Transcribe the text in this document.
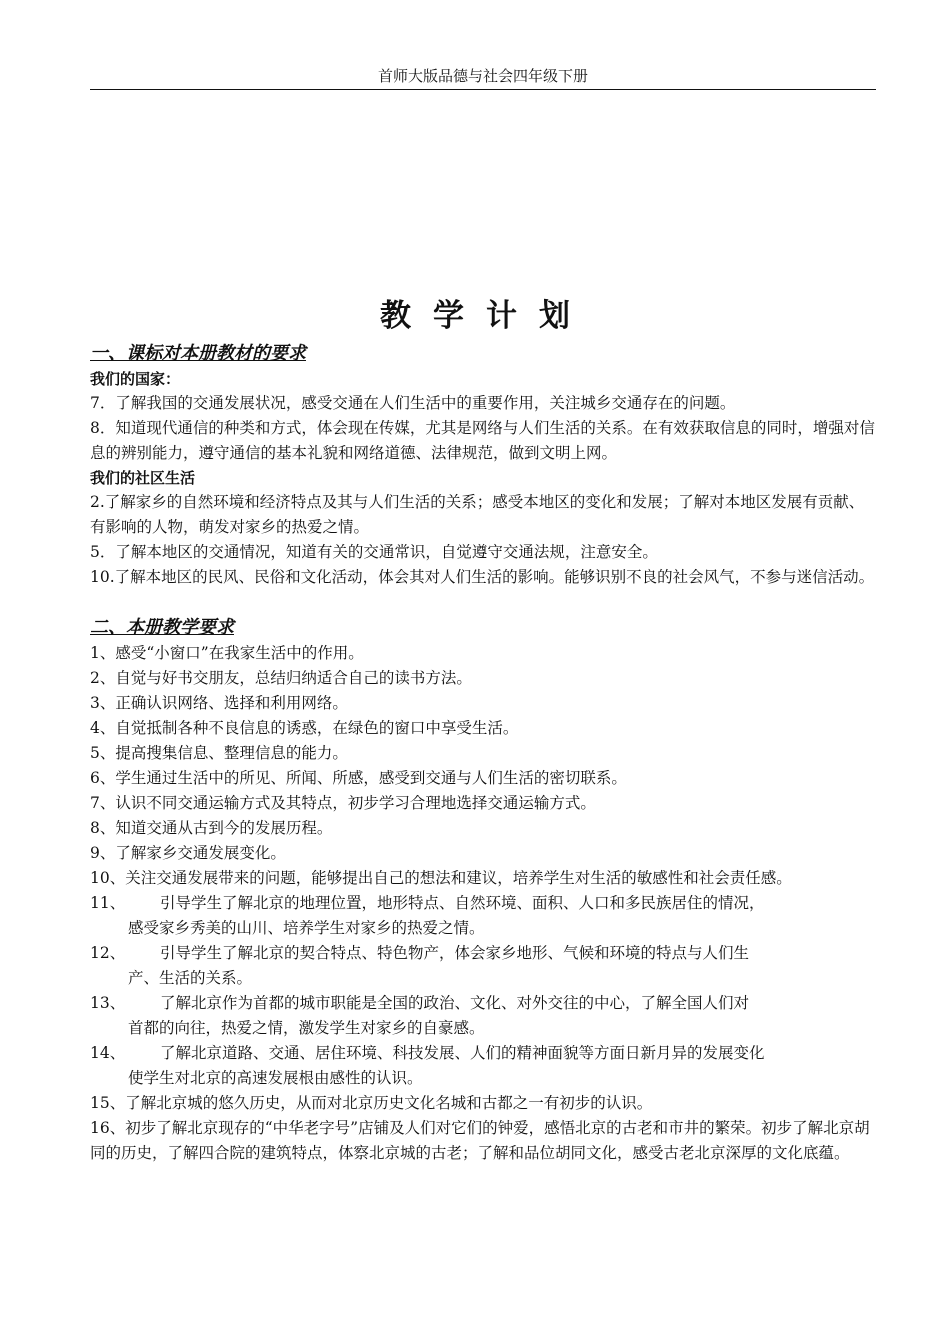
首师大版品德与社会四年级下册
教学计划
一、课标对本册教材的要求
我们的国家：

7．了解我国的交通发展状况，感受交通在人们生活中的重要作用，关注城乡交通存在的问题。

8．知道现代通信的种类和方式，体会现在传媒，尤其是网络与人们生活的关系。在有效获取信息的同时，增强对信息的辨别能力，遵守通信的基本礼貌和网络道德、法律规范，做到文明上网。

我们的社区生活

2.了解家乡的自然环境和经济特点及其与人们生活的关系；感受本地区的变化和发展；了解对本地区发展有贡献、有影响的人物，萌发对家乡的热爱之情。

5．了解本地区的交通情况，知道有关的交通常识，自觉遵守交通法规，注意安全。

10.了解本地区的民风、民俗和文化活动，体会其对人们生活的影响。能够识别不良的社会风气，不参与迷信活动。

二、本册教学要求

1、感受“小窗口”在我家生活中的作用。

2、自觉与好书交朋友，总结归纳适合自己的读书方法。

3、正确认识网络、选择和利用网络。

4、自觉抵制各种不良信息的诱惑，在绿色的窗口中享受生活。

5、提高搜集信息、整理信息的能力。

6、学生通过生活中的所见、所闻、所感，感受到交通与人们生活的密切联系。

7、认识不同交通运输方式及其特点，初步学习合理地选择交通运输方式。

8、知道交通从古到今的发展历程。

9、了解家乡交通发展变化。

10、关注交通发展带来的问题，能够提出自己的想法和建议，培养学生对生活的敏感性和社会责任感。

11、	引导学生了解北京的地理位置，地形特点、自然环境、面积、人口和多民族居住的情况，
感受家乡秀美的山川、培养学生对家乡的热爱之情。
12、	引导学生了解北京的契合特点、特色物产，体会家乡地形、气候和环境的特点与人们生
产、生活的关系。
13、	了解北京作为首都的城市职能是全国的政治、文化、对外交往的中心，了解全国人们对
首都的向往，热爱之情，激发学生对家乡的自豪感。
14、	了解北京道路、交通、居住环境、科技发展、人们的精神面貌等方面日新月异的发展变化
使学生对北京的高速发展根由感性的认识。

15、了解北京城的悠久历史，从而对北京历史文化名城和古都之一有初步的认识。

16、初步了解北京现存的“中华老字号”店铺及人们对它们的钟爱，感悟北京的古老和市井的繁荣。初步了解北京胡同的历史，了解四合院的建筑特点，体察北京城的古老；了解和品位胡同文化，感受古老北京深厚的文化底蕴。
